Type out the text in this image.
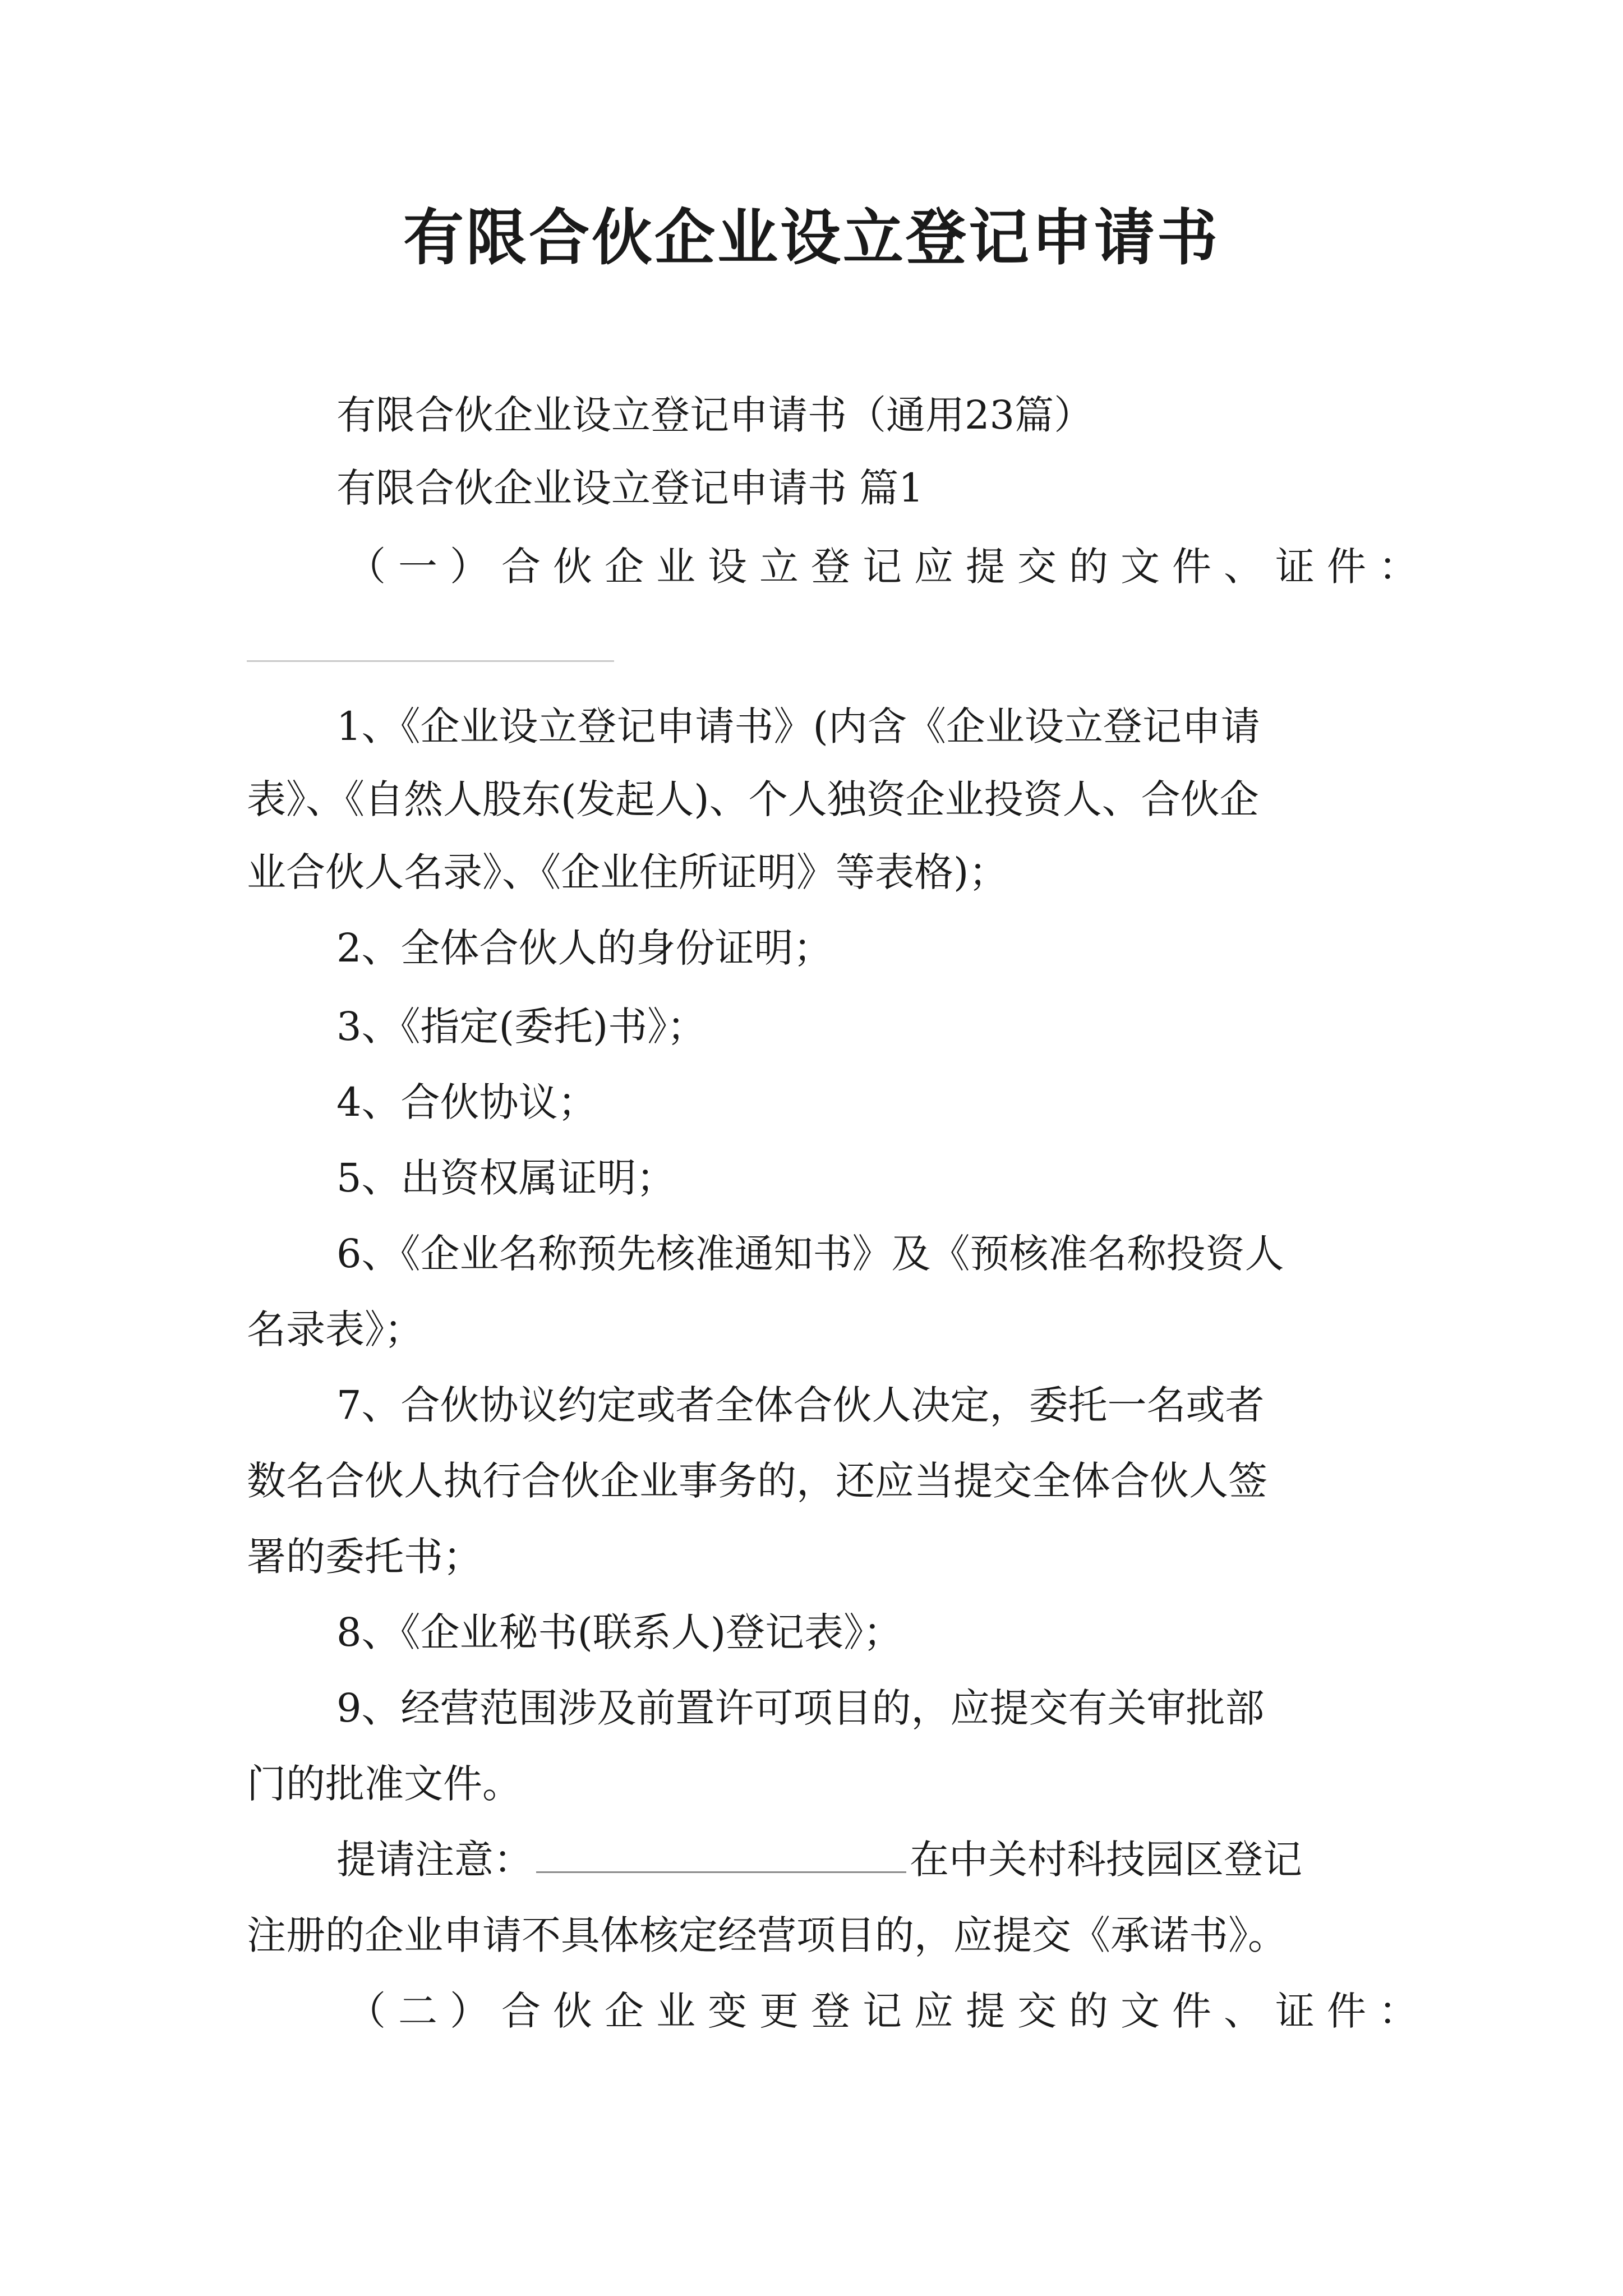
有限合伙企业设立登记申请书
有限合伙企业设立登记申请书（通用23篇）
有限合伙企业设立登记申请书 篇1
（一）合伙企业设立登记应提交的文件、证件：
1、《企业设立登记申请书》(内含《企业设立登记申请
表》、《自然人股东(发起人)、个人独资企业投资人、合伙企
业合伙人名录》、《企业住所证明》等表格)；
2、全体合伙人的身份证明；
3、《指定(委托)书》；
4、合伙协议；
5、出资权属证明；
6、《企业名称预先核准通知书》及《预核准名称投资人
名录表》；
7、合伙协议约定或者全体合伙人决定，委托一名或者
数名合伙人执行合伙企业事务的，还应当提交全体合伙人签
署的委托书；
8、《企业秘书(联系人)登记表》；
9、经营范围涉及前置许可项目的，应提交有关审批部
门的批准文件。
提请注意：	在中关村科技园区登记
注册的企业申请不具体核定经营项目的，应提交《承诺书》。
（二）合伙企业变更登记应提交的文件、证件：
